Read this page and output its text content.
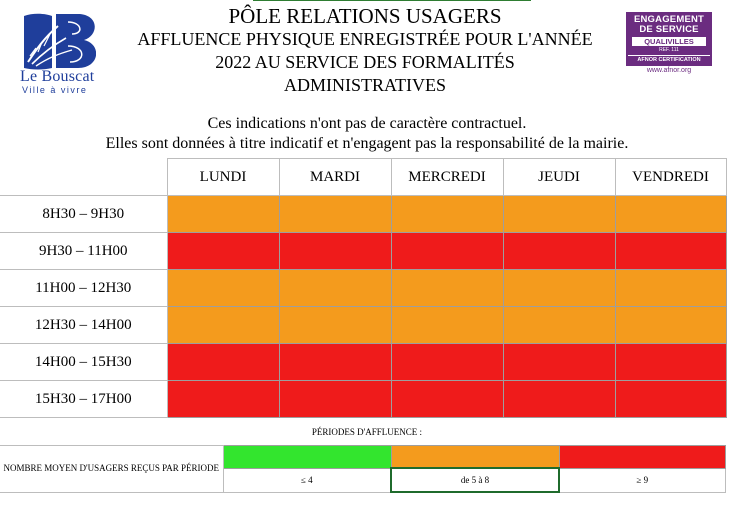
Le Bouscat
Ville à vivre
ENGAGEMENT
DE SERVICE
QUALIVILLES
REF. 111
AFNOR CERTIFICATION
www.afnor.org
PÔLE RELATIONS USAGERS
AFFLUENCE PHYSIQUE ENREGISTRÉE POUR L'ANNÉE
2022 AU SERVICE DES FORMALITÉS
ADMINISTRATIVES
Ces indications n'ont pas de caractère contractuel.
Elles sont données à titre indicatif et n'engagent pas la responsabilité de la mairie.
	LUNDI	MARDI	MERCREDI	JEUDI	VENDREDI
8H30 – 9H30					
9H30 – 11H00					
11H00 – 12H30					
12H30 – 14H00					
14H00 – 15H30					
15H30 – 17H00					
PÉRIODES D'AFFLUENCE :
NOMBRE MOYEN D'USAGERS REÇUS PAR PÉRIODE			
	≤ 4	de 5 à 8	≥ 9
